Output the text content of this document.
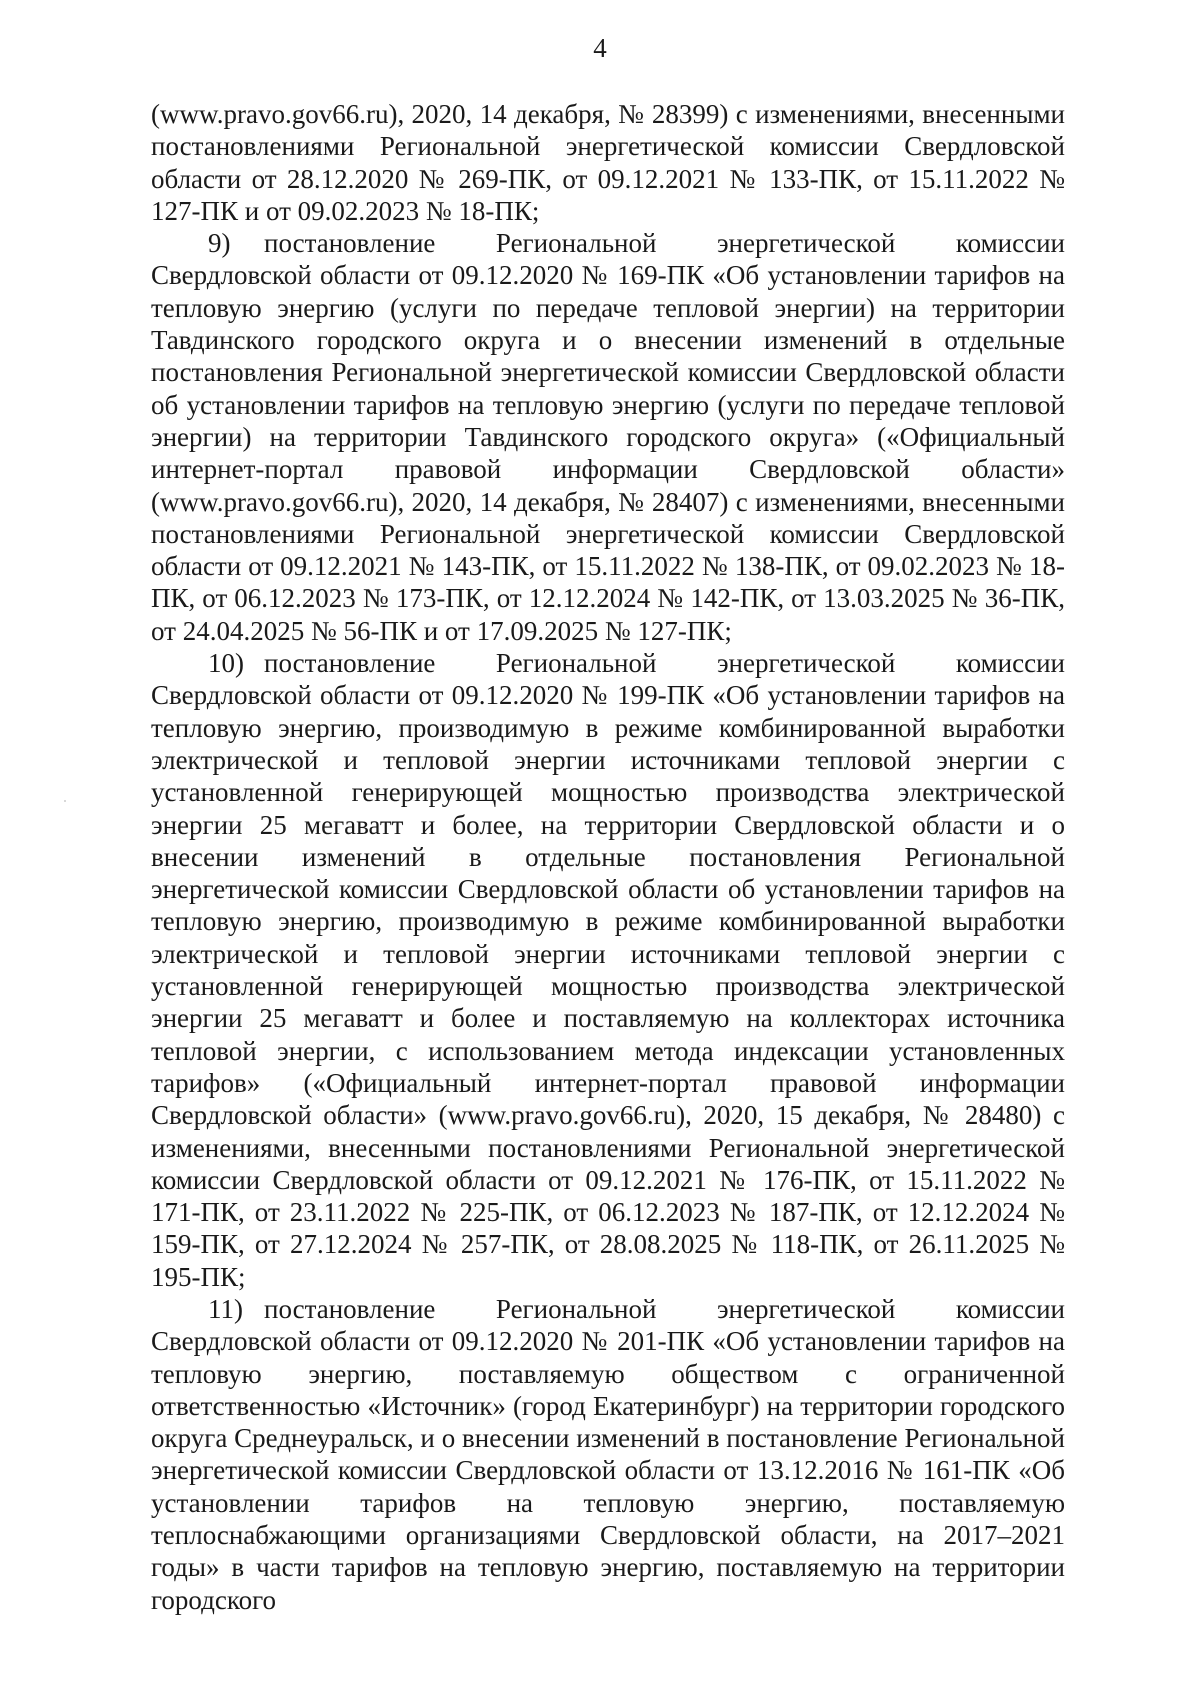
4

(www.pravo.gov66.ru), 2020, 14 декабря, № 28399) с изменениями, внесенными постановлениями Региональной энергетической комиссии Свердловской области от 28.12.2020 № 269-ПК, от 09.12.2021 № 133-ПК, от 15.11.2022 № 127-ПК и от 09.02.2023 № 18-ПК;

9) постановление Региональной энергетической комиссии Свердловской области от 09.12.2020 № 169-ПК «Об установлении тарифов на тепловую энергию (услуги по передаче тепловой энергии) на территории Тавдинского городского округа и о внесении изменений в отдельные постановления Региональной энергетической комиссии Свердловской области об установлении тарифов на тепловую энергию (услуги по передаче тепловой энергии) на территории Тавдинского городского округа» («Официальный интернет-портал правовой информации Свердловской области» (www.pravo.gov66.ru), 2020, 14 декабря, № 28407) с изменениями, внесенными постановлениями Региональной энергетической комиссии Свердловской области от 09.12.2021 № 143-ПК, от 15.11.2022 № 138-ПК, от 09.02.2023 № 18-ПК, от 06.12.2023 № 173-ПК, от 12.12.2024 № 142-ПК, от 13.03.2025 № 36-ПК, от 24.04.2025 № 56-ПК и от 17.09.2025 № 127-ПК;

10) постановление Региональной энергетической комиссии Свердловской области от 09.12.2020 № 199-ПК «Об установлении тарифов на тепловую энергию, производимую в режиме комбинированной выработки электрической и тепловой энергии источниками тепловой энергии с установленной генерирующей мощностью производства электрической энергии 25 мегаватт и более, на территории Свердловской области и о внесении изменений в отдельные постановления Региональной энергетической комиссии Свердловской области об установлении тарифов на тепловую энергию, производимую в режиме комбинированной выработки электрической и тепловой энергии источниками тепловой энергии с установленной генерирующей мощностью производства электрической энергии 25 мегаватт и более и поставляемую на коллекторах источника тепловой энергии, с использованием метода индексации установленных тарифов» («Официальный интернет-портал правовой информации Свердловской области» (www.pravo.gov66.ru), 2020, 15 декабря, № 28480) с изменениями, внесенными постановлениями Региональной энергетической комиссии Свердловской области от 09.12.2021 № 176-ПК, от 15.11.2022 № 171-ПК, от 23.11.2022 № 225-ПК, от 06.12.2023 № 187-ПК, от 12.12.2024 № 159-ПК, от 27.12.2024 № 257-ПК, от 28.08.2025 № 118-ПК, от 26.11.2025 № 195-ПК;

11) постановление Региональной энергетической комиссии Свердловской области от 09.12.2020 № 201-ПК «Об установлении тарифов на тепловую энергию, поставляемую обществом с ограниченной ответственностью «Источник» (город Екатеринбург) на территории городского округа Среднеуральск, и о внесении изменений в постановление Региональной энергетической комиссии Свердловской области от 13.12.2016 № 161-ПК «Об установлении тарифов на тепловую энергию, поставляемую теплоснабжающими организациями Свердловской области, на 2017–2021 годы» в части тарифов на тепловую энергию, поставляемую на территории городского
